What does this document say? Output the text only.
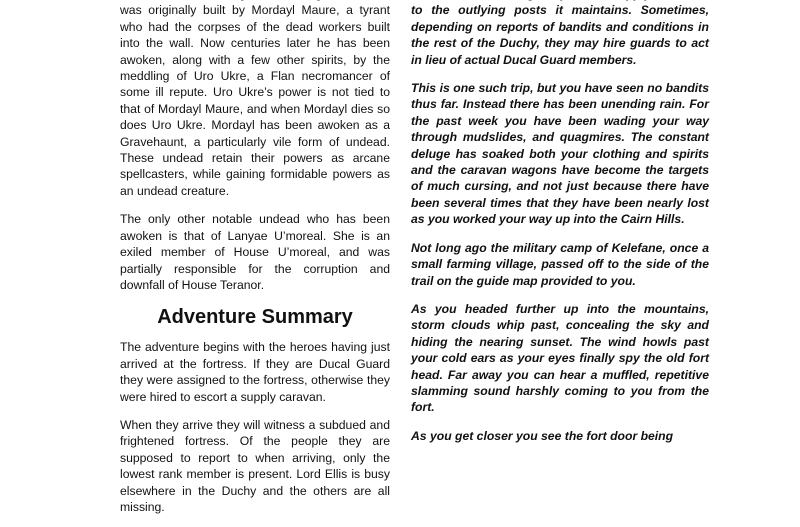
was originally built by Mordayl Maure, a tyrant who had the corpses of the dead workers built into the wall. Now centuries later he has been awoken, along with a few other spirits, by the meddling of Uro Ukre, a Flan necromancer of some ill repute. Uro Ukre’s power is not tied to that of Mordayl Maure, and when Mordayl dies so does Uro Ukre. Mordayl has been awoken as a Gravehaunt, a particularly vile form of undead. These undead retain their powers as arcane spellcasters, while gaining formidable powers as an undead creature.

The only other notable undead who has been awoken is that of Lanyae U’moreal. She is an exiled member of House U’moreal, and was partially responsible for the corruption and downfall of House Teranor.

Adventure Summary

The adventure begins with the heroes having just arrived at the fortress. If they are Ducal Guard they were assigned to the fortress, otherwise they were hired to escort a supply caravan.

When they arrive they will witness a subdued and frightened fortress. Of the people they are supposed to report to when arriving, only the lowest rank member is present. Lord Ellis is busy elsewhere in the Duchy and the others are all missing.

to the outlying posts it maintains. Sometimes, depending on reports of bandits and conditions in the rest of the Duchy, they may hire guards to act in lieu of actual Ducal Guard members.

This is one such trip, but you have seen no bandits thus far. Instead there has been unending rain. For the past week you have been wading your way through mudslides, and quagmires. The constant deluge has soaked both your clothing and spirits and the caravan wagons have become the targets of much cursing, and not just because there have been several times that they have been nearly lost as you worked your way up into the Cairn Hills.

Not long ago the military camp of Kelefane, once a small farming village, passed off to the side of the trail on the guide map provided to you.

As you headed further up into the mountains, storm clouds whip past, concealing the sky and hiding the nearing sunset. The wind howls past your cold ears as your eyes finally spy the old fort head. Far away you can hear a muffled, repetitive slamming sound harshly coming to you from the fort.

As you get closer you see the fort door being
